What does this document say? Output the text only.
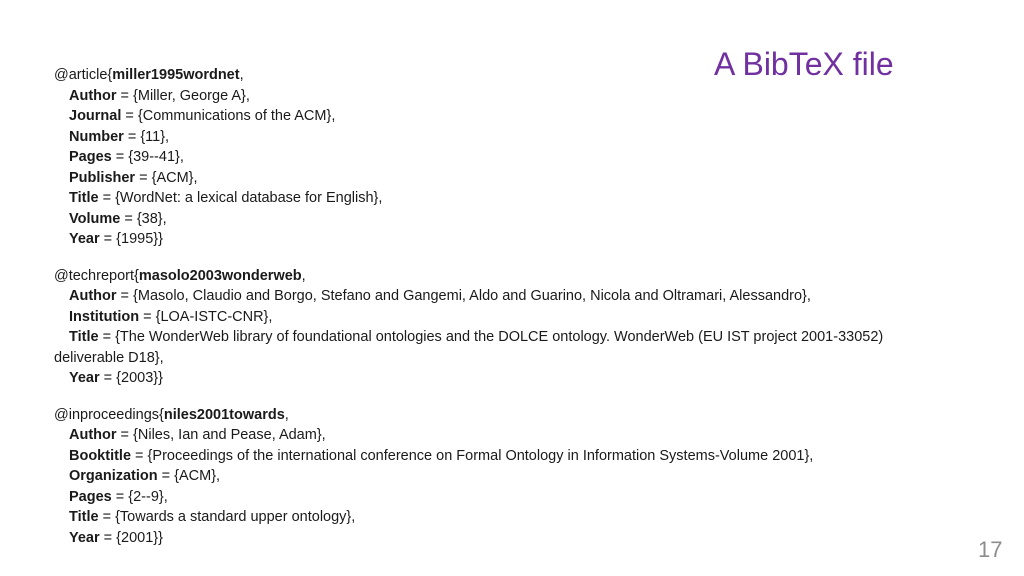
A BibTeX file
@article{miller1995wordnet,
Author = {Miller, George A},
Journal = {Communications of the ACM},
Number = {11},
Pages = {39--41},
Publisher = {ACM},
Title = {WordNet: a lexical database for English},
Volume = {38},
Year = {1995}}
@techreport{masolo2003wonderweb,
Author = {Masolo, Claudio and Borgo, Stefano and Gangemi, Aldo and Guarino, Nicola and Oltramari, Alessandro},
Institution = {LOA-ISTC-CNR},
Title = {The WonderWeb library of foundational ontologies and the DOLCE ontology. WonderWeb (EU IST project 2001-33052)
deliverable D18},
Year = {2003}}
@inproceedings{niles2001towards,
Author = {Niles, Ian and Pease, Adam},
Booktitle = {Proceedings of the international conference on Formal Ontology in Information Systems-Volume 2001},
Organization = {ACM},
Pages = {2--9},
Title = {Towards a standard upper ontology},
Year = {2001}}	17
